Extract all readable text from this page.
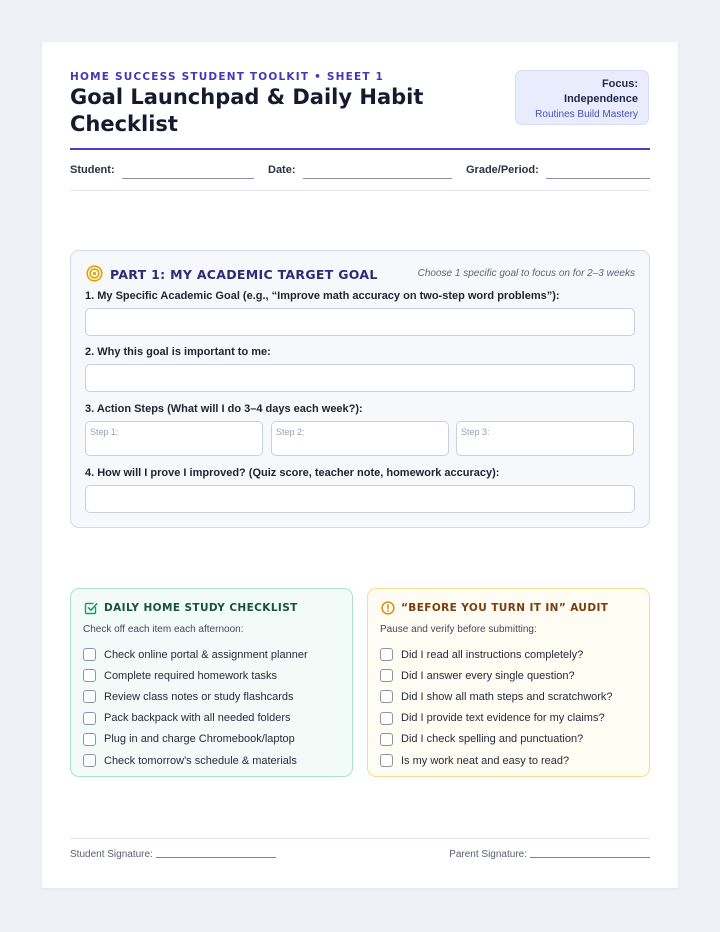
HOME SUCCESS STUDENT TOOLKIT • SHEET 1
Goal Launchpad & Daily Habit Checklist
Focus:
Independence
Routines Build Mastery
Student:	Date:	Grade/Period:
PART 1: MY ACADEMIC TARGET GOAL	Choose 1 specific goal to focus on for 2–3 weeks
1. My Specific Academic Goal (e.g., “Improve math accuracy on two-step word problems”):
2. Why this goal is important to me:
3. Action Steps (What will I do 3–4 days each week?):
Step 1:	Step 2:	Step 3:
4. How will I prove I improved? (Quiz score, teacher note, homework accuracy):
DAILY HOME STUDY CHECKLIST
Check off each item each afternoon:
Check online portal & assignment planner
Complete required homework tasks
Review class notes or study flashcards
Pack backpack with all needed folders
Plug in and charge Chromebook/laptop
Check tomorrow's schedule & materials
“BEFORE YOU TURN IT IN” AUDIT
Pause and verify before submitting:
Did I read all instructions completely?
Did I answer every single question?
Did I show all math steps and scratchwork?
Did I provide text evidence for my claims?
Did I check spelling and punctuation?
Is my work neat and easy to read?
Student Signature:	Parent Signature:
